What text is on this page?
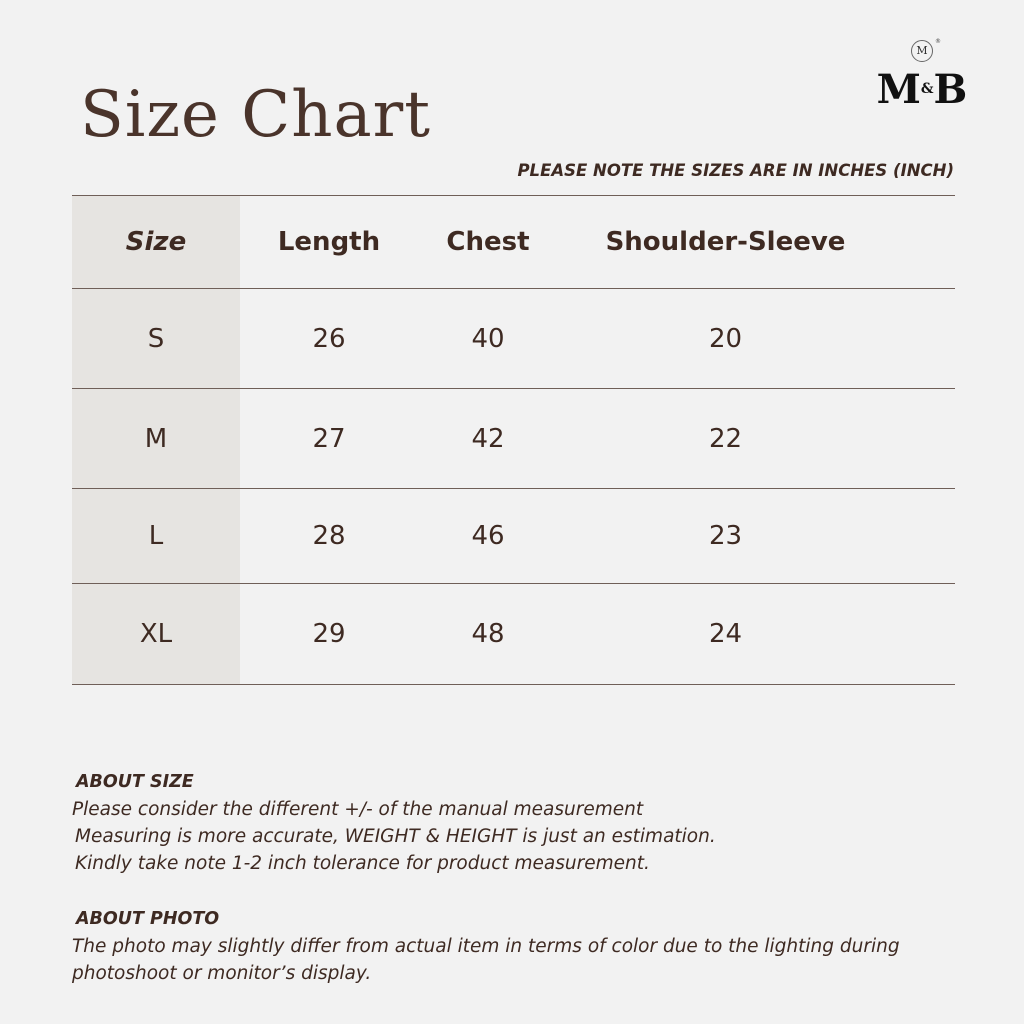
Size Chart
M
®
M&B
PLEASE NOTE THE SIZES ARE IN INCHES (INCH)
Size	Length	Chest	Shoulder-Sleeve
S	26	40	20
M	27	42	22
L	28	46	23
XL	29	48	24
ABOUT SIZE

Please consider the different +/- of the manual measurement

Measuring is more accurate, WEIGHT & HEIGHT is just an estimation.

Kindly take note 1-2 inch tolerance for product measurement.

ABOUT PHOTO

The photo may slightly differ from actual item in terms of color due to the lighting during

photoshoot or monitor’s display.
